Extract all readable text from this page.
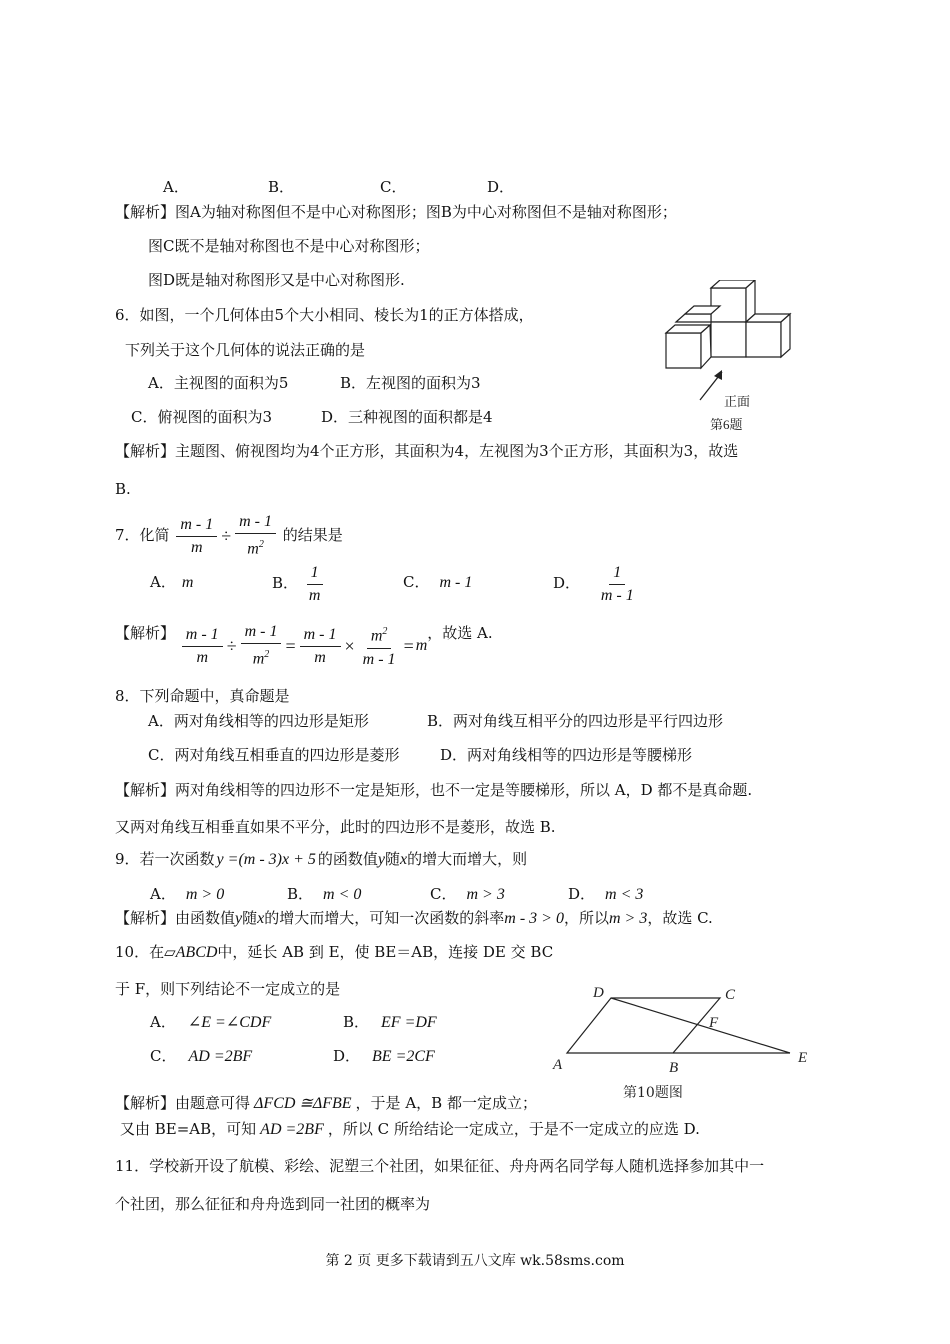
A．	B．	C．	D．
【解析】图A为轴对称图但不是中心对称图形；图B为中心对称图但不是轴对称图形；
图C既不是轴对称图也不是中心对称图形；
图D既是轴对称图形又是中心对称图形.
6．如图，一个几何体由5个大小相同、棱长为1的正方体搭成，
下列关于这个几何体的说法正确的是
A．主视图的面积为5	B．左视图的面积为3
C．俯视图的面积为3	D．三种视图的面积都是4
正面
第6题
【解析】主题图、俯视图均为4个正方形，其面积为4，左视图为3个正方形，其面积为3，故选
B.
7．化简 $\frac{m - 1}{m} \div \frac{m - 1}{m^2}$ 的结果是
A． m	B． $\frac{1}{m}$	C． m - 1	D． $\frac{1}{m - 1}$
【解析】 $\frac{m - 1}{m} \div \frac{m - 1}{m^2} = \frac{m - 1}{m} \times \frac{m^2}{m - 1} = m$，故选 A.
8．下列命题中，真命题是
A．两对角线相等的四边形是矩形	B．两对角线互相平分的四边形是平行四边形
C．两对角线互相垂直的四边形是菱形	D．两对角线相等的四边形是等腰梯形
【解析】两对角线相等的四边形不一定是矩形，也不一定是等腰梯形，所以 A，D 都不是真命题.
又两对角线互相垂直如果不平分，此时的四边形不是菱形，故选 B.
9．若一次函数 y =(m - 3)x + 5 的函数值y随x的增大而增大，则
A． m > 0	B． m < 0	C． m > 3	D． m < 3
【解析】由函数值y随x的增大而增大，可知一次函数的斜率m - 3 > 0，所以m > 3，故选 C.
10．在▱ABCD中，延长 AB 到 E，使 BE＝AB，连接 DE 交 BC
于 F，则下列结论不一定成立的是
A． ∠E =∠CDF	B． EF =DF
C． AD =2BF	D． BE =2CF
D	C
F
A	B
E
第10题图
【解析】由题意可得 ΔFCD ≅ΔFBE ，于是 A，B 都一定成立；
又由 BE=AB，可知 AD =2BF ，所以 C 所给结论一定成立，于是不一定成立的应选 D.
11．学校新开设了航模、彩绘、泥塑三个社团，如果征征、舟舟两名同学每人随机选择参加其中一
个社团，那么征征和舟舟选到同一社团的概率为
第 2 页 更多下载请到五八文库 wk.58sms.com
